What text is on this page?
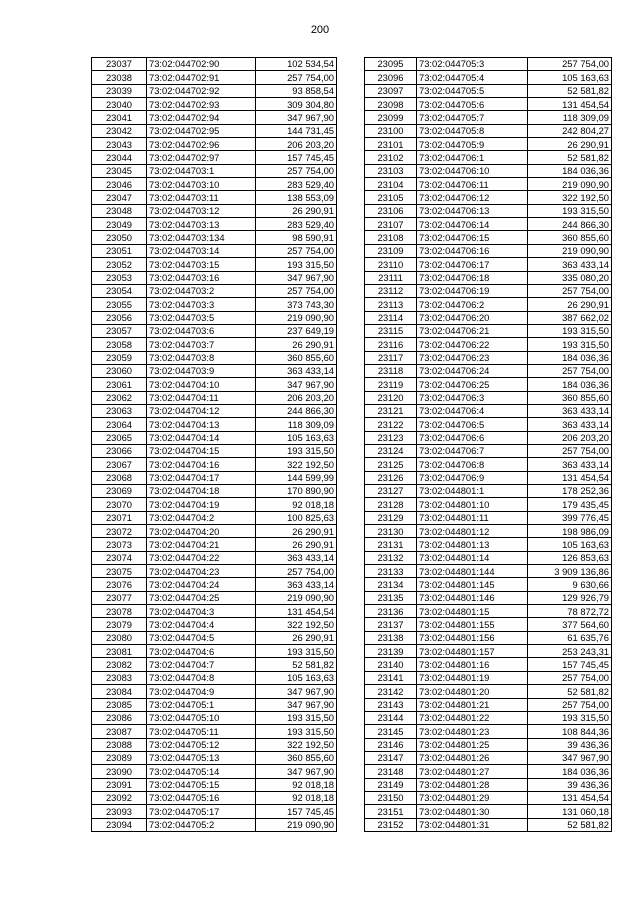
200
23037	73:02:044702:90	102 534,54
23038	73:02:044702:91	257 754,00
23039	73:02:044702:92	93 858,54
23040	73:02:044702:93	309 304,80
23041	73:02:044702:94	347 967,90
23042	73:02:044702:95	144 731,45
23043	73:02:044702:96	206 203,20
23044	73:02:044702:97	157 745,45
23045	73:02:044703:1	257 754,00
23046	73:02:044703:10	283 529,40
23047	73:02:044703:11	138 553,09
23048	73:02:044703:12	26 290,91
23049	73:02:044703:13	283 529,40
23050	73:02:044703:134	98 590,91
23051	73:02:044703:14	257 754,00
23052	73:02:044703:15	193 315,50
23053	73:02:044703:16	347 967,90
23054	73:02:044703:2	257 754,00
23055	73:02:044703:3	373 743,30
23056	73:02:044703:5	219 090,90
23057	73:02:044703:6	237 649,19
23058	73:02:044703:7	26 290,91
23059	73:02:044703:8	360 855,60
23060	73:02:044703:9	363 433,14
23061	73:02:044704:10	347 967,90
23062	73:02:044704:11	206 203,20
23063	73:02:044704:12	244 866,30
23064	73:02:044704:13	118 309,09
23065	73:02:044704:14	105 163,63
23066	73:02:044704:15	193 315,50
23067	73:02:044704:16	322 192,50
23068	73:02:044704:17	144 599,99
23069	73:02:044704:18	170 890,90
23070	73:02:044704:19	92 018,18
23071	73:02:044704:2	100 825,63
23072	73:02:044704:20	26 290,91
23073	73:02:044704:21	26 290,91
23074	73:02:044704:22	363 433,14
23075	73:02:044704:23	257 754,00
23076	73:02:044704:24	363 433,14
23077	73:02:044704:25	219 090,90
23078	73:02:044704:3	131 454,54
23079	73:02:044704:4	322 192,50
23080	73:02:044704:5	26 290,91
23081	73:02:044704:6	193 315,50
23082	73:02:044704:7	52 581,82
23083	73:02:044704:8	105 163,63
23084	73:02:044704:9	347 967,90
23085	73:02:044705:1	347 967,90
23086	73:02:044705:10	193 315,50
23087	73:02:044705:11	193 315,50
23088	73:02:044705:12	322 192,50
23089	73:02:044705:13	360 855,60
23090	73:02:044705:14	347 967,90
23091	73:02:044705:15	92 018,18
23092	73:02:044705:16	92 018,18
23093	73:02:044705:17	157 745,45
23094	73:02:044705:2	219 090,90
23095	73:02:044705:3	257 754,00
23096	73:02:044705:4	105 163,63
23097	73:02:044705:5	52 581,82
23098	73:02:044705:6	131 454,54
23099	73:02:044705:7	118 309,09
23100	73:02:044705:8	242 804,27
23101	73:02:044705:9	26 290,91
23102	73:02:044706:1	52 581,82
23103	73:02:044706:10	184 036,36
23104	73:02:044706:11	219 090,90
23105	73:02:044706:12	322 192,50
23106	73:02:044706:13	193 315,50
23107	73:02:044706:14	244 866,30
23108	73:02:044706:15	360 855,60
23109	73:02:044706:16	219 090,90
23110	73:02:044706:17	363 433,14
23111	73:02:044706:18	335 080,20
23112	73:02:044706:19	257 754,00
23113	73:02:044706:2	26 290,91
23114	73:02:044706:20	387 662,02
23115	73:02:044706:21	193 315,50
23116	73:02:044706:22	193 315,50
23117	73:02:044706:23	184 036,36
23118	73:02:044706:24	257 754,00
23119	73:02:044706:25	184 036,36
23120	73:02:044706:3	360 855,60
23121	73:02:044706:4	363 433,14
23122	73:02:044706:5	363 433,14
23123	73:02:044706:6	206 203,20
23124	73:02:044706:7	257 754,00
23125	73:02:044706:8	363 433,14
23126	73:02:044706:9	131 454,54
23127	73:02:044801:1	178 252,36
23128	73:02:044801:10	179 435,45
23129	73:02:044801:11	399 776,45
23130	73:02:044801:12	198 986,09
23131	73:02:044801:13	105 163,63
23132	73:02:044801:14	126 853,63
23133	73:02:044801:144	3 909 136,86
23134	73:02:044801:145	9 630,66
23135	73:02:044801:146	129 926,79
23136	73:02:044801:15	78 872,72
23137	73:02:044801:155	377 564,60
23138	73:02:044801:156	61 635,76
23139	73:02:044801:157	253 243,31
23140	73:02:044801:16	157 745,45
23141	73:02:044801:19	257 754,00
23142	73:02:044801:20	52 581,82
23143	73:02:044801:21	257 754,00
23144	73:02:044801:22	193 315,50
23145	73:02:044801:23	108 844,36
23146	73:02:044801:25	39 436,36
23147	73:02:044801:26	347 967,90
23148	73:02:044801:27	184 036,36
23149	73:02:044801:28	39 436,36
23150	73:02:044801:29	131 454,54
23151	73:02:044801:30	131 060,18
23152	73:02:044801:31	52 581,82
